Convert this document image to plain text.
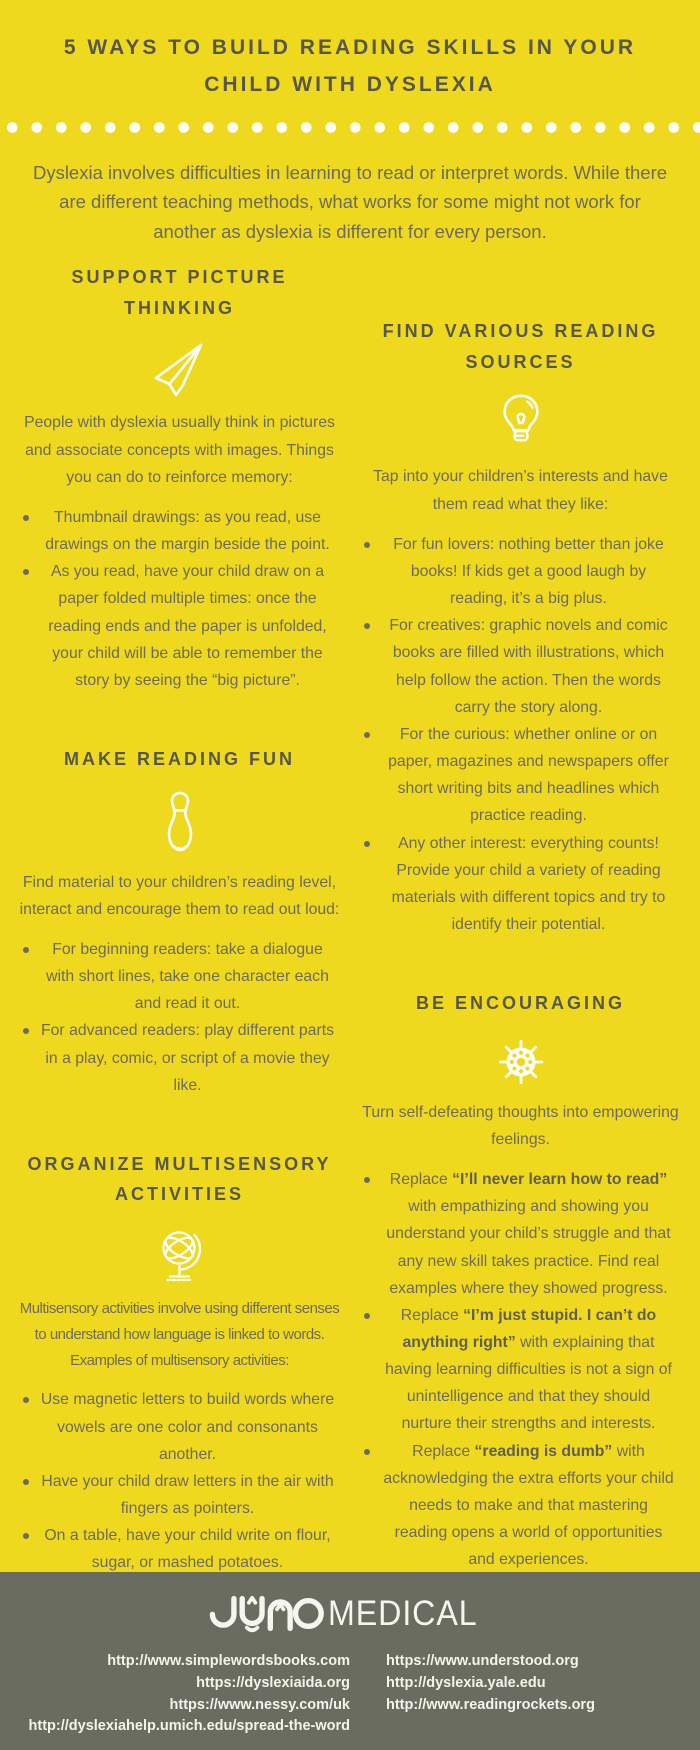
5 WAYS TO BUILD READING SKILLS IN YOUR
CHILD WITH DYSLEXIA

Dyslexia involves difficulties in learning to read or interpret words. While there are different teaching methods, what works for some might not work for another as dyslexia is different for every person.

SUPPORT PICTURE THINKING

People with dyslexia usually think in pictures and associate concepts with images. Things you can do to reinforce memory:

Thumbnail drawings: as you read, use drawings on the margin beside the point.
As you read, have your child draw on a paper folded multiple times: once the reading ends and the paper is unfolded, your child will be able to remember the story by seeing the “big picture”.
MAKE READING FUN

Find material to your children’s reading level, interact and encourage them to read out loud:

For beginning readers: take a dialogue with short lines, take one character each and read it out.
For advanced readers: play different parts in a play, comic, or script of a movie they like.
ORGANIZE MULTISENSORY ACTIVITIES

Multisensory activities involve using different senses to understand how language is linked to words. Examples of multisensory activities:

Use magnetic letters to build words where vowels are one color and consonants another.
Have your child draw letters in the air with fingers as pointers.
On a table, have your child write on flour, sugar, or mashed potatoes.
FIND VARIOUS READING SOURCES

Tap into your children’s interests and have them read what they like:

For fun lovers: nothing better than joke books! If kids get a good laugh by reading, it’s a big plus.
For creatives: graphic novels and comic books are filled with illustrations, which help follow the action. Then the words carry the story along.
For the curious: whether online or on paper, magazines and newspapers offer short writing bits and headlines which practice reading.
Any other interest: everything counts! Provide your child a variety of reading materials with different topics and try to identify their potential.
BE ENCOURAGING

Turn self-defeating thoughts into empowering feelings.

Replace “I’ll never learn how to read” with empathizing and showing you understand your child’s struggle and that any new skill takes practice. Find real examples where they showed progress.
Replace “I’m just stupid. I can’t do anything right” with explaining that having learning difficulties is not a sign of unintelligence and that they should nurture their strengths and interests.
Replace “reading is dumb” with acknowledging the extra efforts your child needs to make and that mastering reading opens a world of opportunities and experiences.
MEDICAL
http://www.simplewordsbooks.com
https://dyslexiaida.org
https://www.nessy.com/uk
http://dyslexiahelp.umich.edu/spread-the-word
https://www.understood.org
http://dyslexia.yale.edu
http://www.readingrockets.org
